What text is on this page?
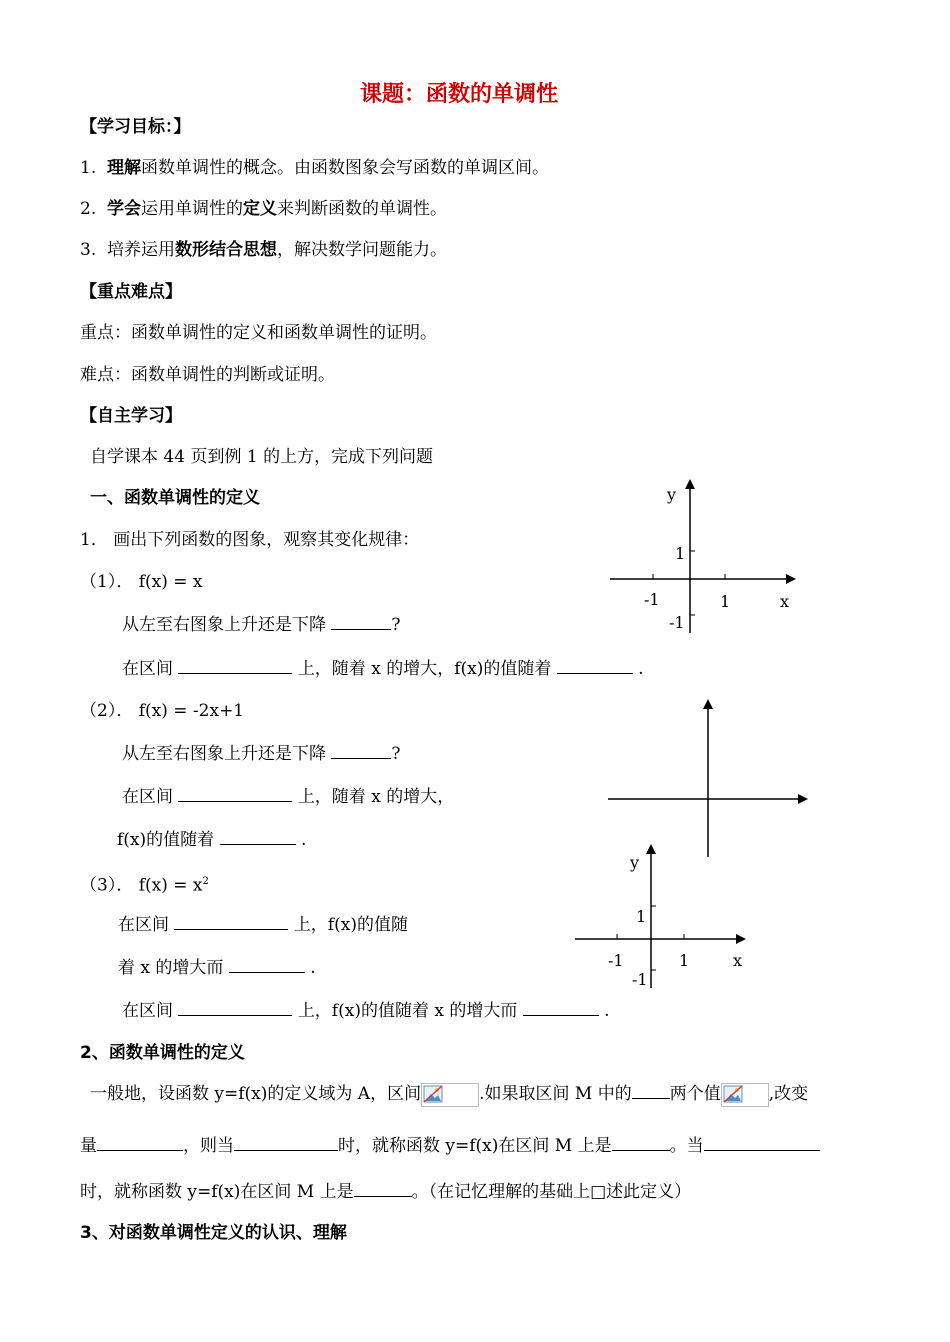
课题：函数的单调性
【学习目标：】
1. 理解函数单调性的概念。由函数图象会写函数的单调区间。
2. 学会运用单调性的定义来判断函数的单调性。
3. 培养运用数形结合思想，解决数学问题能力。
【重点难点】
重点：函数单调性的定义和函数单调性的证明。
难点：函数单调性的判断或证明。
【自主学习】
自学课本 44 页到例 1 的上方，完成下列问题
一、函数单调性的定义
1． 画出下列函数的图象，观察其变化规律：
（1）． f(x) = x
从左至右图象上升还是下降	?
在区间	上，随着 x 的增大，f(x)的值随着	.
（2）． f(x) = -2x+1
从左至右图象上升还是下降	?
在区间	上，随着 x 的增大，
f(x)的值随着	.
（3）． $f(x) = x^2$
在区间	上，f(x)的值随
着 x 的增大而	.
在区间	上，f(x)的值随着 x 的增大而	.
2、函数单调性的定义
一般地，设函数 y=f(x)的定义域为 A，区间	.如果取区间 M 中的 两个值	,改变
量	，则当	时，就称函数 y=f(x)在区间 M 上是	。当
时，就称函数 y=f(x)在区间 M 上是	。（在记忆理解的基础上□述此定义）
3、对函数单调性定义的认识、理解
y
1
-1	1	x
-1
y
1
-1	1	x
-1
